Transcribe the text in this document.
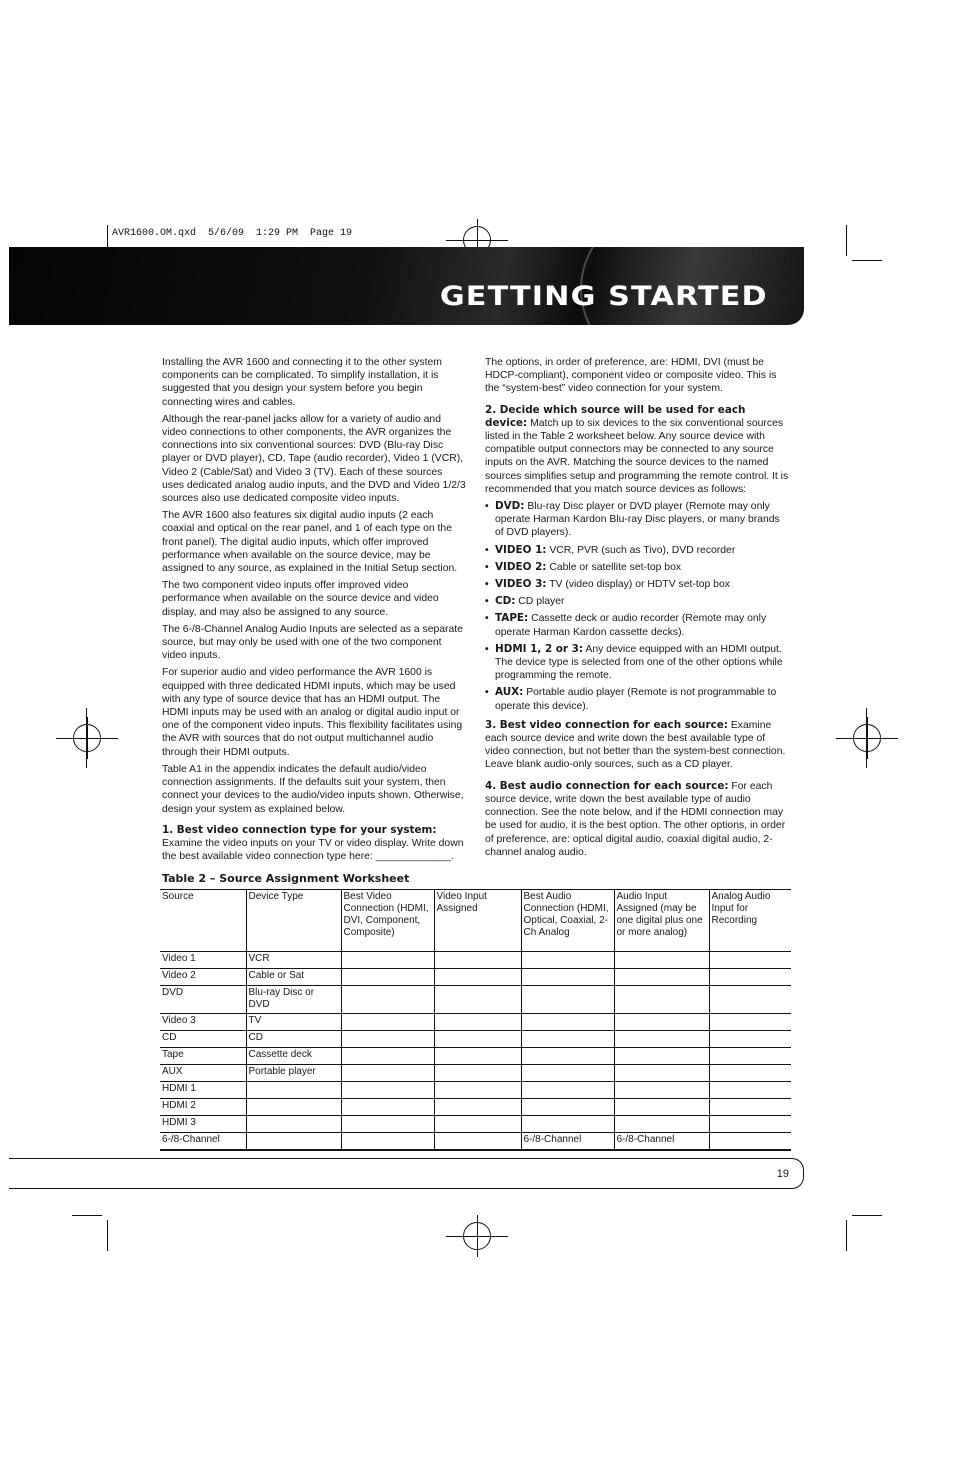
AVR1600.OM.qxd  5/6/09  1:29 PM  Page 19
GETTING STARTED

Installing the AVR 1600 and connecting it to the other system components can be complicated. To simplify installation, it is suggested that you design your system before you begin connecting wires and cables.

Although the rear-panel jacks allow for a variety of audio and video connections to other components, the AVR organizes the connections into six conventional sources: DVD (Blu-ray Disc player or DVD player), CD, Tape (audio recorder), Video 1 (VCR), Video 2 (Cable/Sat) and Video 3 (TV). Each of these sources uses dedicated analog audio inputs, and the DVD and Video 1/2/3 sources also use dedicated composite video inputs.

The AVR 1600 also features six digital audio inputs (2 each coaxial and optical on the rear panel, and 1 of each type on the front panel). The digital audio inputs, which offer improved performance when available on the source device, may be assigned to any source, as explained in the Initial Setup section.

The two component video inputs offer improved video performance when available on the source device and video display, and may also be assigned to any source.

The 6-/8-Channel Analog Audio Inputs are selected as a separate source, but may only be used with one of the two component video inputs.

For superior audio and video performance the AVR 1600 is equipped with three dedicated HDMI inputs, which may be used with any type of source device that has an HDMI output. The HDMI inputs may be used with an analog or digital audio input or one of the component video inputs. This flexibility facilitates using the AVR with sources that do not output multichannel audio through their HDMI outputs.

Table A1 in the appendix indicates the default audio/video connection assignments. If the defaults suit your system, then connect your devices to the audio/video inputs shown. Otherwise, design your system as explained below.

1. Best video connection type for your system:
Examine the video inputs on your TV or video display. Write down the best available video connection type here: _____________.

The options, in order of preference, are: HDMI, DVI (must be HDCP-compliant), component video or composite video. This is the “system-best” video connection for your system.

2. Decide which source will be used for each device: Match up to six devices to the six conventional sources listed in the Table 2 worksheet below. Any source device with compatible output connectors may be connected to any source inputs on the AVR. Matching the source devices to the named sources simplifies setup and programming the remote control. It is recommended that you match source devices as follows:

• DVD: Blu-ray Disc player or DVD player (Remote may only operate Harman Kardon Blu-ray Disc players, or many brands of DVD players).
• VIDEO 1: VCR, PVR (such as Tivo), DVD recorder
• VIDEO 2: Cable or satellite set-top box
• VIDEO 3: TV (video display) or HDTV set-top box
• CD: CD player
• TAPE: Cassette deck or audio recorder (Remote may only operate Harman Kardon cassette decks).
• HDMI 1, 2 or 3: Any device equipped with an HDMI output. The device type is selected from one of the other options while programming the remote.
• AUX: Portable audio player (Remote is not programmable to operate this device).

3. Best video connection for each source: Examine each source device and write down the best available type of video connection, but not better than the system-best connection. Leave blank audio-only sources, such as a CD player.

4. Best audio connection for each source: For each source device, write down the best available type of audio connection. See the note below, and if the HDMI connection may be used for audio, it is the best option. The other options, in order of preference, are: optical digital audio, coaxial digital audio, 2-channel analog audio.

Table 2 – Source Assignment Worksheet
Source	Device Type	Best Video Connection (HDMI, DVI, Component, Composite)	Video Input Assigned	Best Audio Connection (HDMI, Optical, Coaxial, 2-Ch Analog	Audio Input Assigned (may be one digital plus one or more analog)	Analog Audio Input for Recording
Video 1	VCR					
Video 2	Cable or Sat					
DVD	Blu-ray Disc or DVD					
Video 3	TV					
CD	CD					
Tape	Cassette deck					
AUX	Portable player					
HDMI 1						
HDMI 2						
HDMI 3						
6-/8-Channel				6-/8-Channel	6-/8-Channel	
19
